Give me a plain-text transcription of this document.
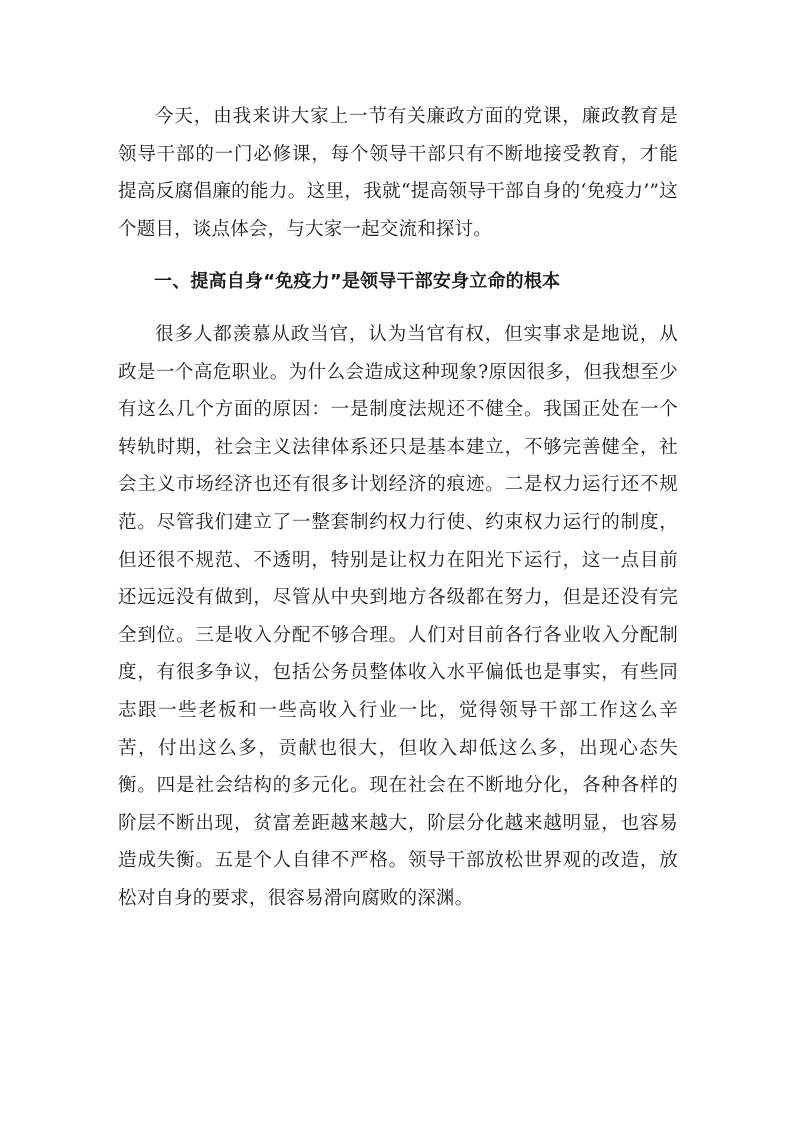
今天，由我来讲大家上一节有关廉政方面的党课，廉政教育是领导干部的一门必修课，每个领导干部只有不断地接受教育，才能提高反腐倡廉的能力。这里，我就“提高领导干部自身的‘免疫力’”这个题目，谈点体会，与大家一起交流和探讨。

一、提高自身“免疫力”是领导干部安身立命的根本

很多人都羡慕从政当官，认为当官有权，但实事求是地说，从政是一个高危职业。为什么会造成这种现象?原因很多，但我想至少有这么几个方面的原因：一是制度法规还不健全。我国正处在一个转轨时期，社会主义法律体系还只是基本建立，不够完善健全，社会主义市场经济也还有很多计划经济的痕迹。二是权力运行还不规范。尽管我们建立了一整套制约权力行使、约束权力运行的制度，但还很不规范、不透明，特别是让权力在阳光下运行，这一点目前还远远没有做到，尽管从中央到地方各级都在努力，但是还没有完全到位。三是收入分配不够合理。人们对目前各行各业收入分配制度，有很多争议，包括公务员整体收入水平偏低也是事实，有些同志跟一些老板和一些高收入行业一比，觉得领导干部工作这么辛苦，付出这么多，贡献也很大，但收入却低这么多，出现心态失衡。四是社会结构的多元化。现在社会在不断地分化，各种各样的阶层不断出现，贫富差距越来越大，阶层分化越来越明显，也容易造成失衡。五是个人自律不严格。领导干部放松世界观的改造，放松对自身的要求，很容易滑向腐败的深渊。
